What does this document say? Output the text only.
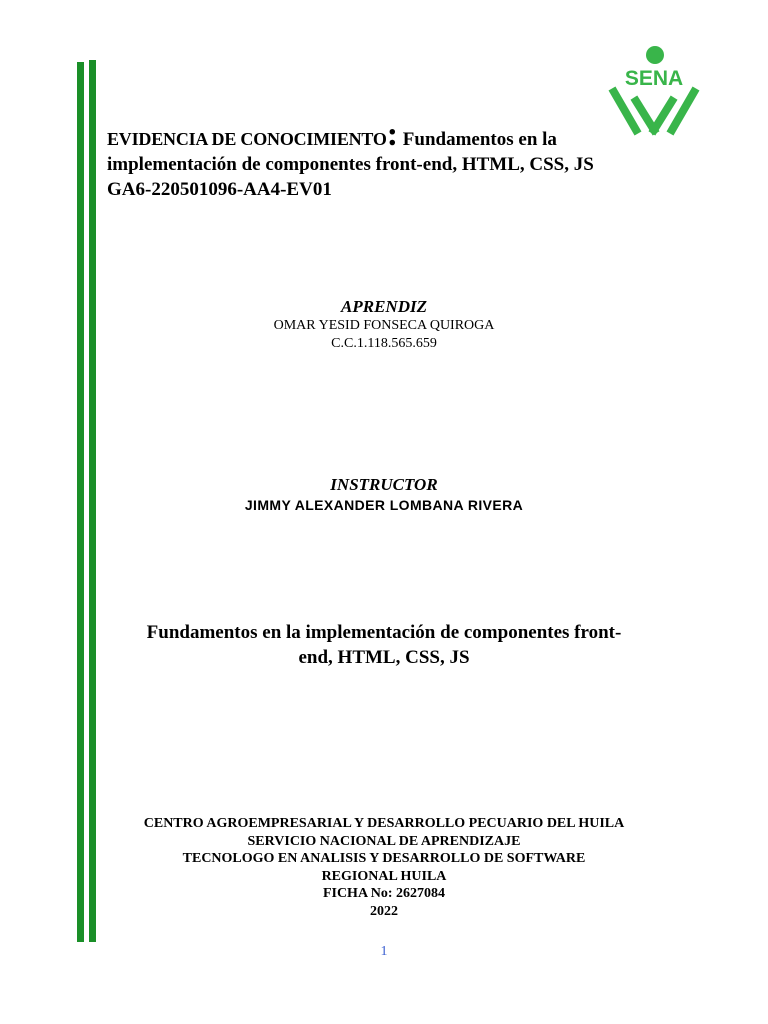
SENA
EVIDENCIA DE CONOCIMIENTO: Fundamentos en la
implementación de componentes front-end, HTML, CSS, JS
GA6-220501096-AA4-EV01
APRENDIZ
OMAR YESID FONSECA QUIROGA
C.C.1.118.565.659
INSTRUCTOR
JIMMY ALEXANDER LOMBANA RIVERA
Fundamentos en la implementación de componentes front-
end, HTML, CSS, JS
CENTRO AGROEMPRESARIAL Y DESARROLLO PECUARIO DEL HUILA
SERVICIO NACIONAL DE APRENDIZAJE
TECNOLOGO EN ANALISIS Y DESARROLLO DE SOFTWARE
REGIONAL HUILA
FICHA No: 2627084
2022
1
